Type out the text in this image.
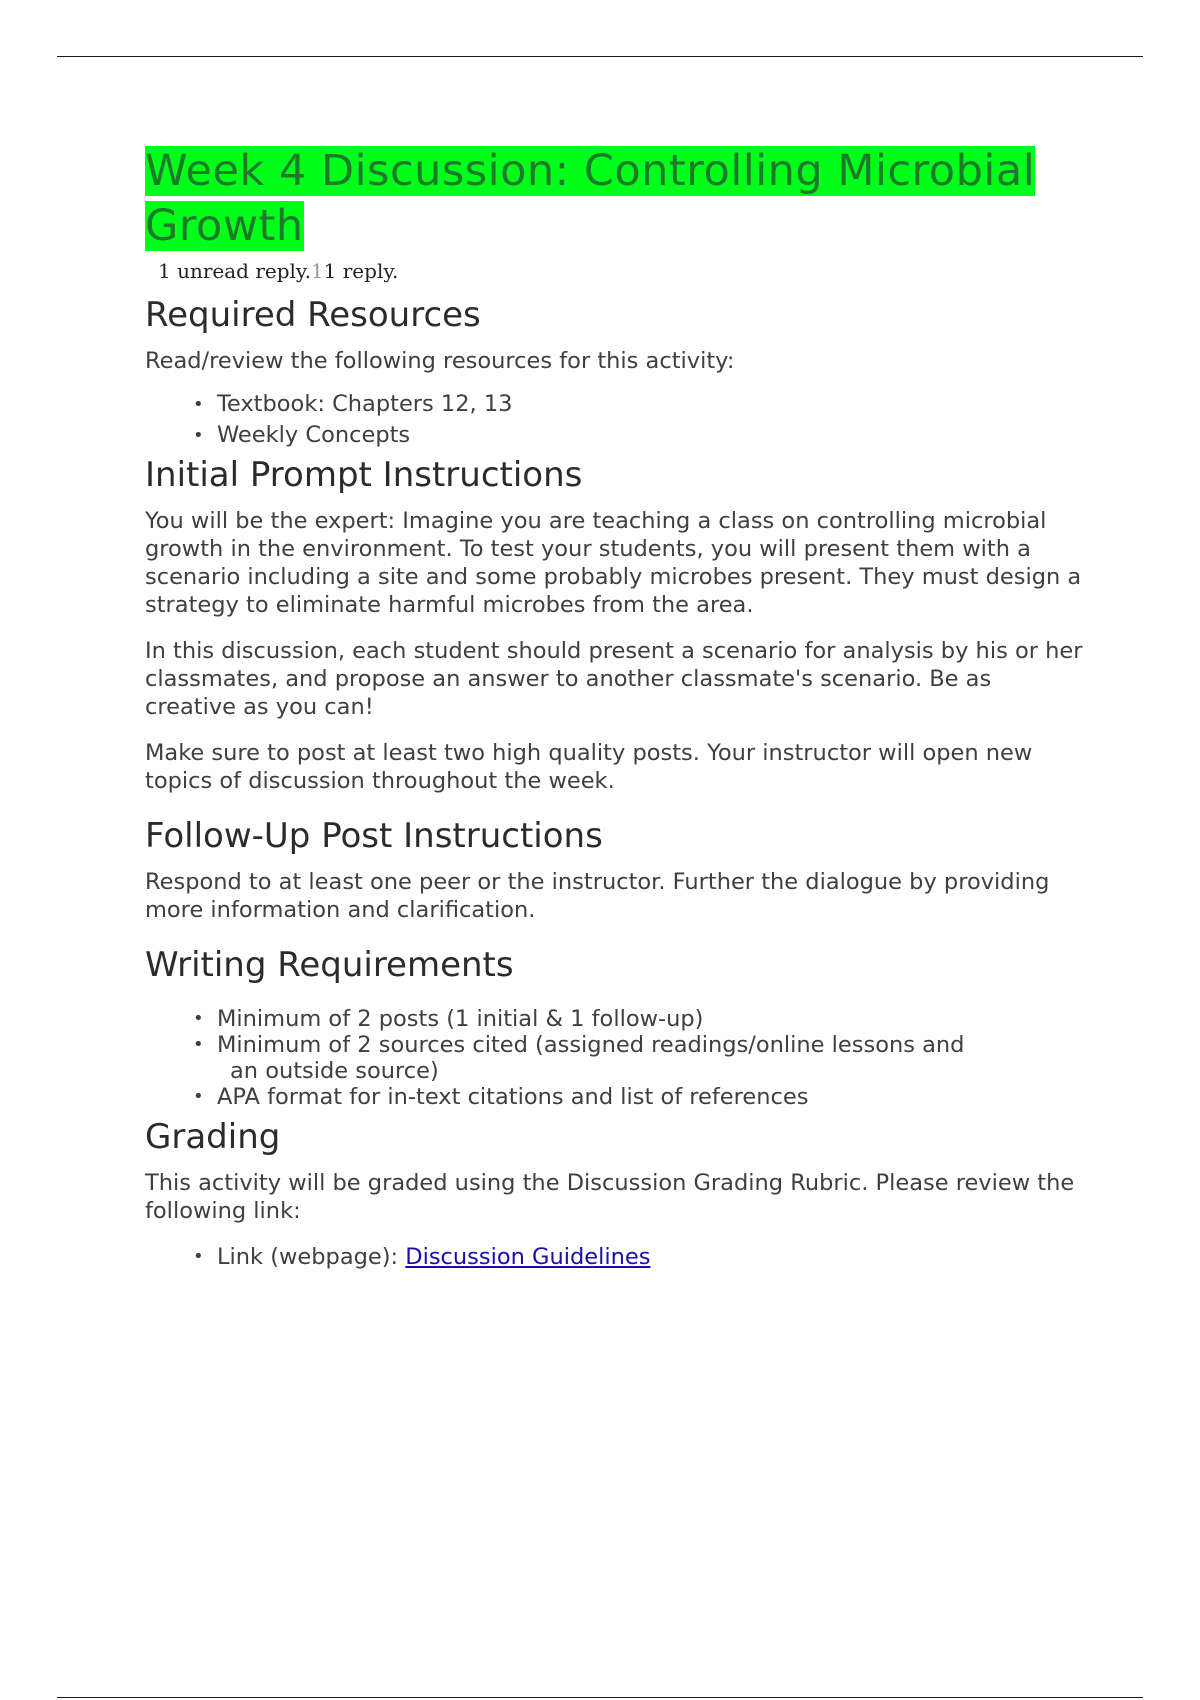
Week 4 Discussion: Controlling Microbial Growth
1 unread reply.11 reply.
Required Resources

Read/review the following resources for this activity:

• Textbook: Chapters 12, 13
• Weekly Concepts
Initial Prompt Instructions

You will be the expert: Imagine you are teaching a class on controlling microbial growth in the environment. To test your students, you will present them with a scenario including a site and some probably microbes present. They must design a strategy to eliminate harmful microbes from the area.

In this discussion, each student should present a scenario for analysis by his or her classmates, and propose an answer to another classmate's scenario. Be as creative as you can!

Make sure to post at least two high quality posts. Your instructor will open new topics of discussion throughout the week.

Follow-Up Post Instructions

Respond to at least one peer or the instructor. Further the dialogue by providing more information and clarification.

Writing Requirements
• Minimum of 2 posts (1 initial & 1 follow-up)
• Minimum of 2 sources cited (assigned readings/online lessons and
an outside source)
• APA format for in-text citations and list of references
Grading

This activity will be graded using the Discussion Grading Rubric. Please review the following link:

• Link (webpage): Discussion Guidelines
